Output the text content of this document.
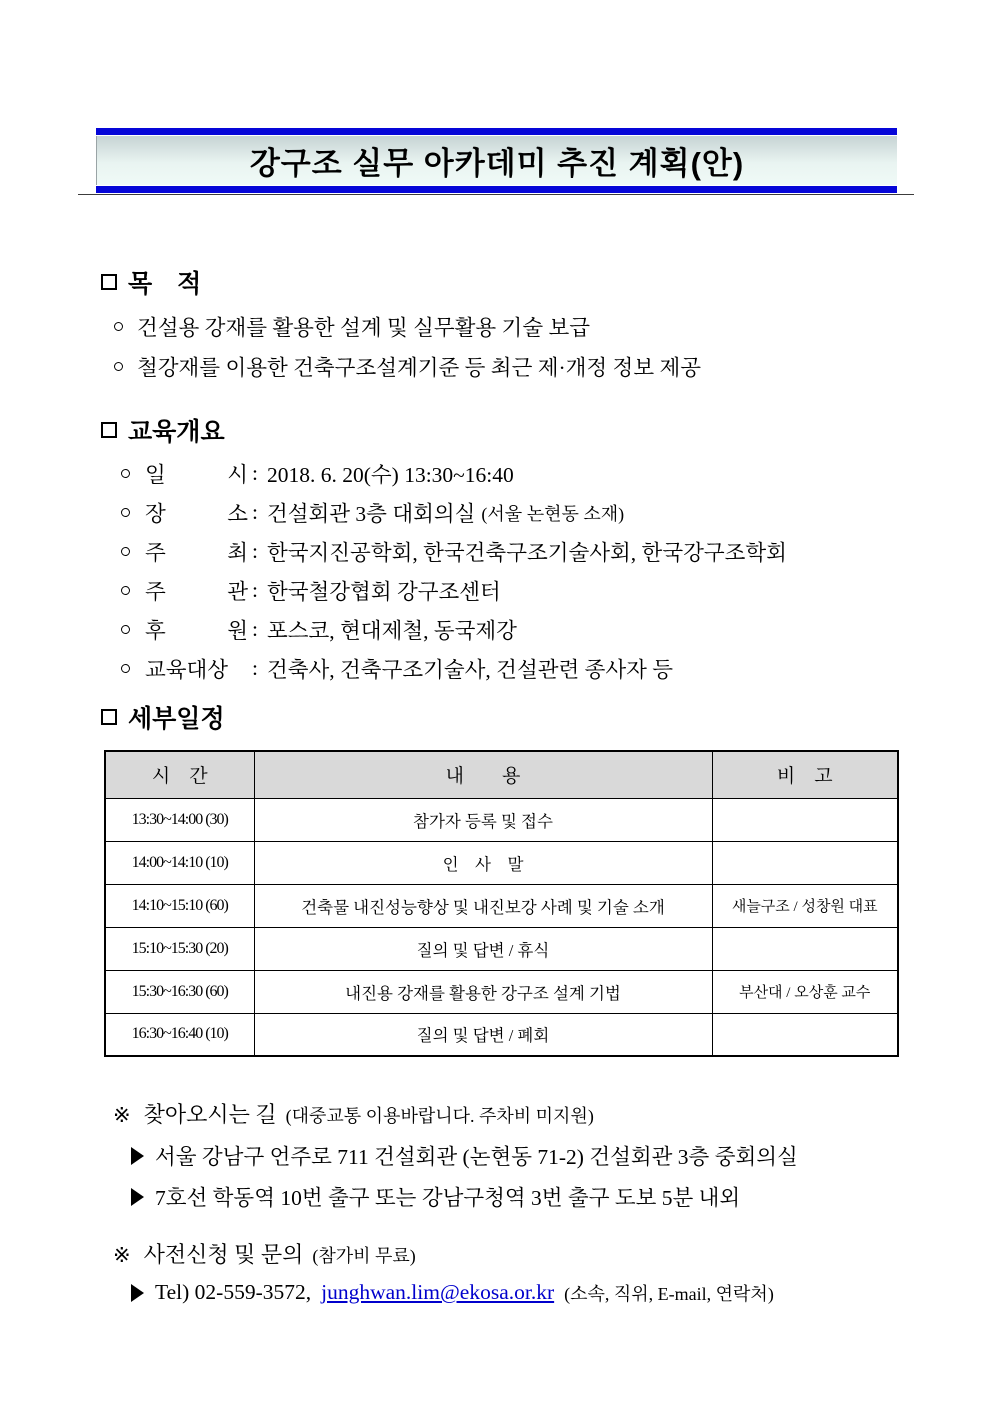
강구조 실무 아카데미 추진 계획(안)
목　적
건설용 강재를 활용한 설계 및 실무활용 기술 보급
철강재를 이용한 건축구조설계기준 등 최근 제·개정 정보 제공
교육개요
일 시 : 2018. 6. 20(수) 13:30~16:40
장 소 : 건설회관 3층 대회의실 (서울 논현동 소재)
주 최 : 한국지진공학회, 한국건축구조기술사회, 한국강구조학회
주 관 : 한국철강협회 강구조센터
후 원 : 포스코, 현대제철, 동국제강
교육대상	: 건축사, 건축구조기술사, 건설관련 종사자 등
세부일정
시　간	내　　용	비　고
13:30~14:00 (30)	참가자 등록 및 접수	
14:00~14:10 (10)	인　사　말	
14:10~15:10 (60)	건축물 내진성능향상 및 내진보강 사례 및 기술 소개	새늘구조 / 성창원 대표
15:10~15:30 (20)	질의 및 답변 / 휴식	
15:30~16:30 (60)	내진용 강재를 활용한 강구조 설계 기법	부산대 / 오상훈 교수
16:30~16:40 (10)	질의 및 답변 / 폐회	
※ 찾아오시는 길 (대중교통 이용바랍니다. 주차비 미지원)
서울 강남구 언주로 711 건설회관 (논현동 71-2) 건설회관 3층 중회의실
7호선 학동역 10번 출구 또는 강남구청역 3번 출구 도보 5분 내외
※ 사전신청 및 문의 (참가비 무료)
Tel) 02-559-3572, junghwan.lim@ekosa.or.kr (소속, 직위, E-mail, 연락처)
